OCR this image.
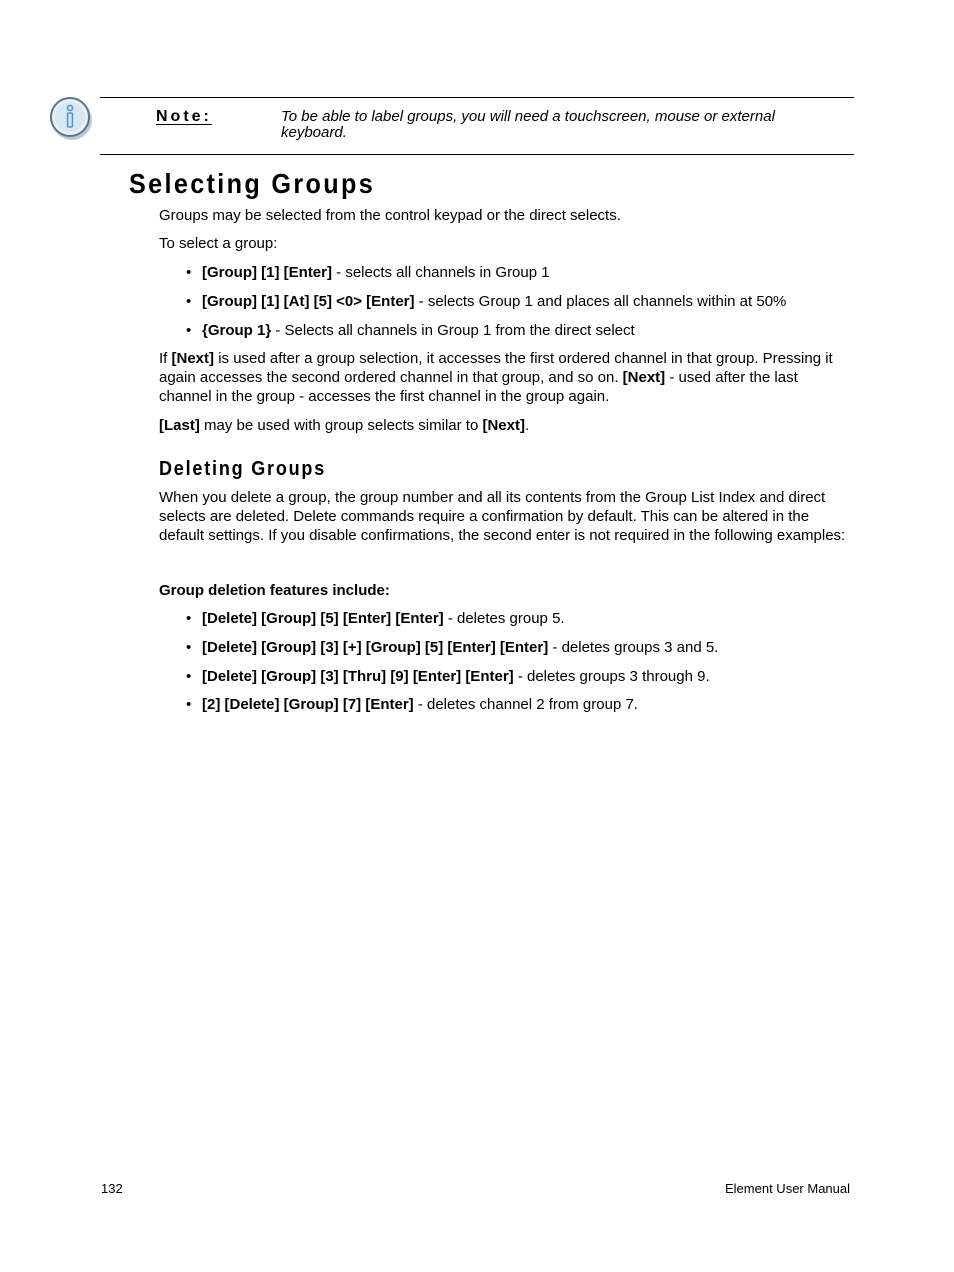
Note:	To be able to label groups, you will need a touchscreen, mouse or external keyboard.
Selecting Groups

Groups may be selected from the control keypad or the direct selects.

To select a group:

• [Group] [1] [Enter] - selects all channels in Group 1

• [Group] [1] [At] [5] <0> [Enter] - selects Group 1 and places all channels within at 50%

• {Group 1} - Selects all channels in Group 1 from the direct select

If [Next] is used after a group selection, it accesses the first ordered channel in that group. Pressing it again accesses the second ordered channel in that group, and so on. [Next] - used after the last channel in the group - accesses the first channel in the group again.

[Last] may be used with group selects similar to [Next].

Deleting Groups

When you delete a group, the group number and all its contents from the Group List Index and direct selects are deleted. Delete commands require a confirmation by default. This can be altered in the default settings. If you disable confirmations, the second enter is not required in the following examples:

Group deletion features include:

• [Delete] [Group] [5] [Enter] [Enter] - deletes group 5.

• [Delete] [Group] [3] [+] [Group] [5] [Enter] [Enter] - deletes groups 3 and 5.

• [Delete] [Group] [3] [Thru] [9] [Enter] [Enter] - deletes groups 3 through 9.

• [2] [Delete] [Group] [7] [Enter] - deletes channel 2 from group 7.

132	Element User Manual
